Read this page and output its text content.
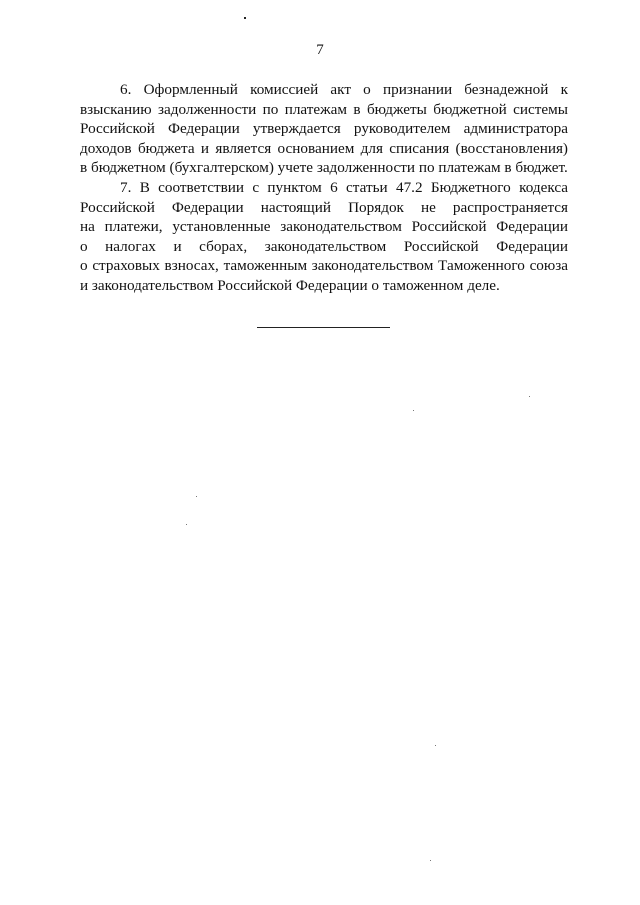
7

6. Оформленный комиссией акт о признании безнадежной к
взысканию задолженности по платежам в бюджеты бюджетной системы
Российской Федерации утверждается руководителем администратора
доходов бюджета и является основанием для списания (восстановления)
в бюджетном (бухгалтерском) учете задолженности по платежам в бюджет.

7. В соответствии с пунктом 6 статьи 47.2 Бюджетного кодекса
Российской Федерации настоящий Порядок не распространяется
на платежи, установленные законодательством Российской Федерации
о налогах и сборах, законодательством Российской Федерации
о страховых взносах, таможенным законодательством Таможенного союза
и законодательством Российской Федерации о таможенном деле.
